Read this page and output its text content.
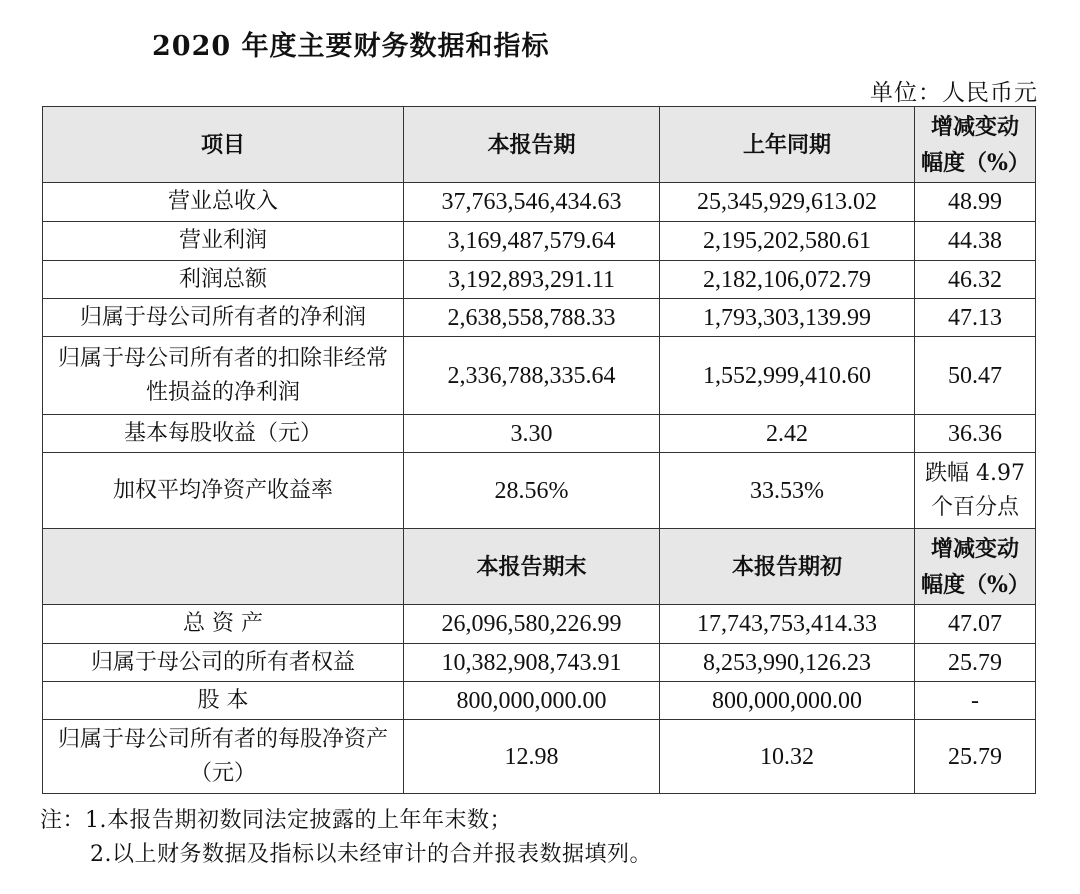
2020 年度主要财务数据和指标
单位：人民币元
项目	本报告期	上年同期	增减变动幅度（%）
营业总收入	37,763,546,434.63	25,345,929,613.02	48.99
营业利润	3,169,487,579.64	2,195,202,580.61	44.38
利润总额	3,192,893,291.11	2,182,106,072.79	46.32
归属于母公司所有者的净利润	2,638,558,788.33	1,793,303,139.99	47.13
归属于母公司所有者的扣除非经常性损益的净利润	2,336,788,335.64	1,552,999,410.60	50.47
基本每股收益（元）	3.30	2.42	36.36
加权平均净资产收益率	28.56%	33.53%	跌幅 4.97个百分点
	本报告期末	本报告期初	增减变动幅度（%）
总 资 产	26,096,580,226.99	17,743,753,414.33	47.07
归属于母公司的所有者权益	10,382,908,743.91	8,253,990,126.23	25.79
股 本	800,000,000.00	800,000,000.00	-
归属于母公司所有者的每股净资产（元）	12.98	10.32	25.79
注：1.本报告期初数同法定披露的上年年末数；
2.以上财务数据及指标以未经审计的合并报表数据填列。
